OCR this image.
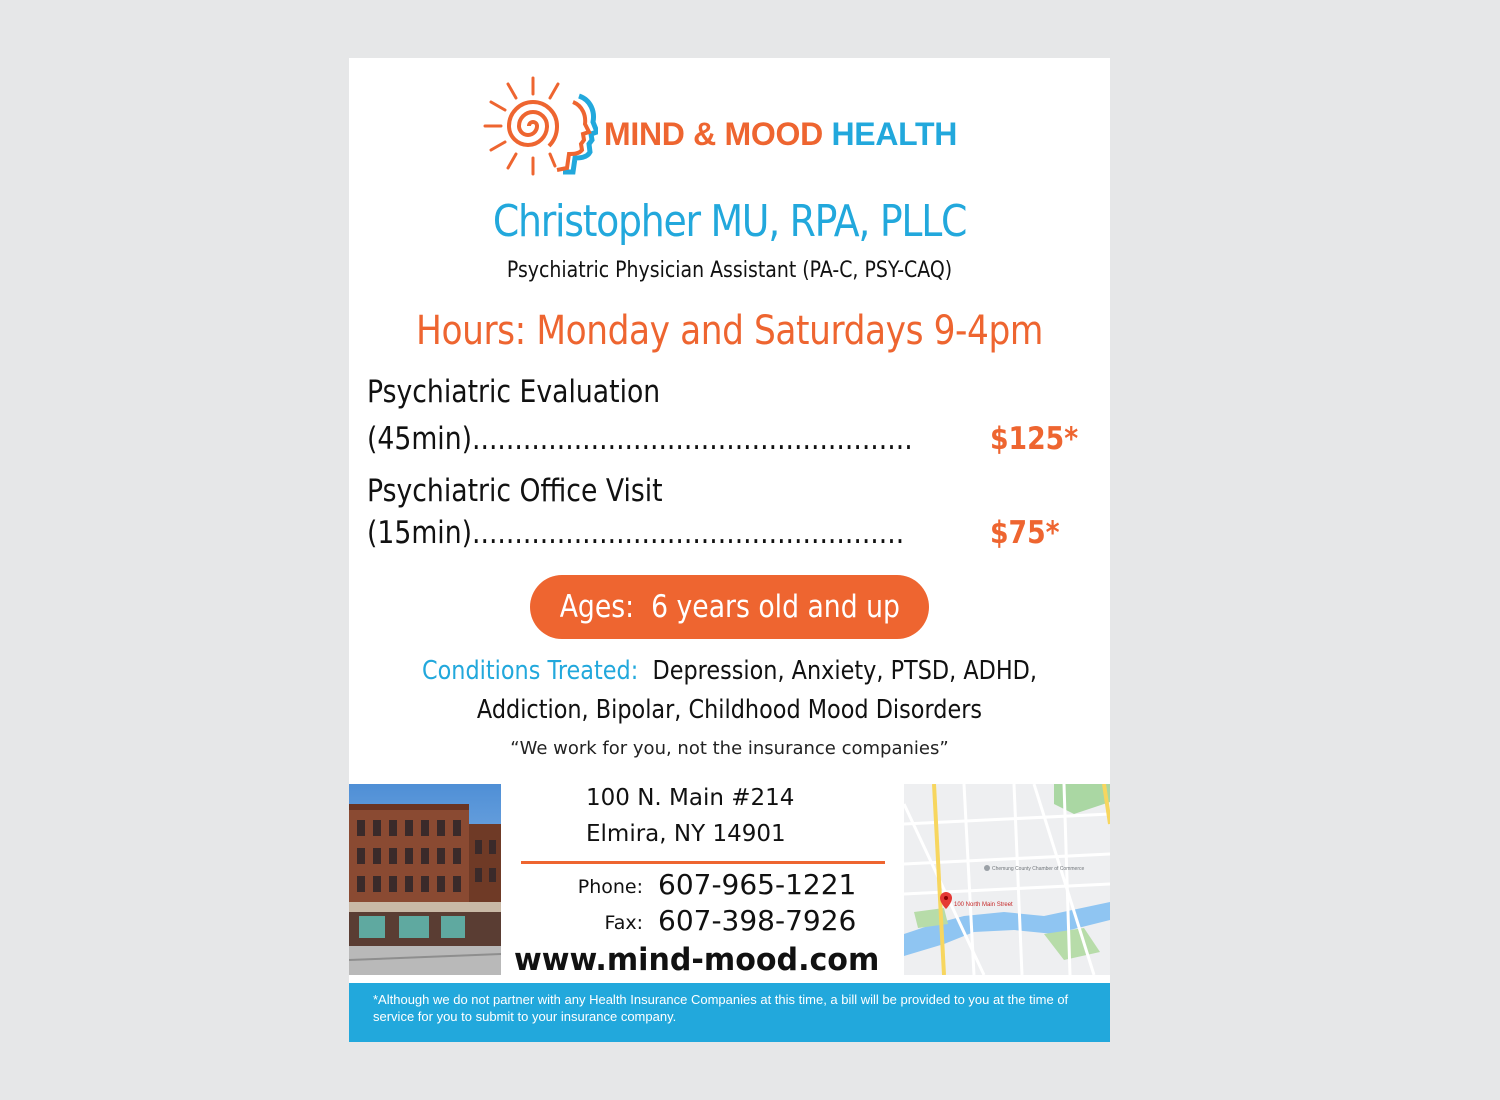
MIND & MOOD HEALTH
Christopher MU, RPA, PLLC
Psychiatric Physician Assistant (PA-C, PSY-CAQ)
Hours: Monday and Saturdays 9-4pm
Psychiatric Evaluation
(45min)....................................................	$125*
Psychiatric Office Visit
(15min)...................................................	$75*
Ages:  6 years old and up
Conditions Treated:  Depression, Anxiety, PTSD, ADHD,
Addiction, Bipolar, Childhood Mood Disorders
“We work for you, not the insurance companies”
100 N. Main #214
Elmira, NY 14901
Phone: 607-965-1221
Fax: 607-398-7926
www.mind-mood.com
100 North Main Street
Chemung County Chamber of Commerce
*Although we do not partner with any Health Insurance Companies at this time, a bill will be provided to you at the time of service for you to submit to your insurance company.
